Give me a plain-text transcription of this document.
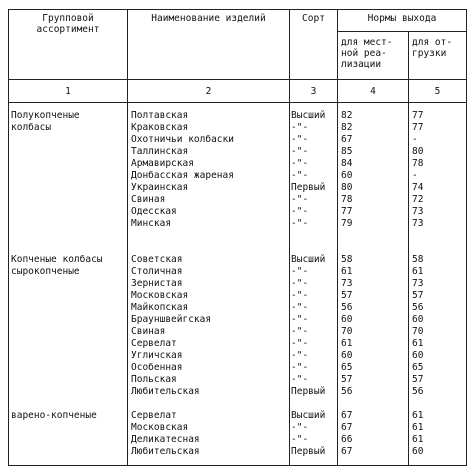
Групповой
ассортимент
Наименование изделий	Сорт	Нормы выхода
для мест-
ной реа-
лизации
для от-
грузки
1	2	3	4	5
Полукопченые
колбасы
Полтавская	Высший 82	77
Краковская	-"-	82	77
Охотничьи колбаски	-"-	67	-
Таллинская	-"-	85	80
Армавирская	-"-	84	78
Донбасская жареная	-"-	60	-
Украинская	Первый 80	74
Свиная	-"-	78	72
Одесская	-"-	77	73
Минская	-"-	79	73
Копченые колбасы
сырокопченые
Советская	Высший 58	58
Столичная	-"-	61	61
Зернистая	-"-	73	73
Московская	-"-	57	57
Майкопская	-"-	56	56
Брауншвейгская	-"-	60	60
Свиная	-"-	70	70
Сервелат	-"-	61	61
Угличская	-"-	60	60
Особенная	-"-	65	65
Польская	-"-	57	57
Любительская	Первый 56	56
варено-копченые	Сервелат	Высший 67	61
Московская	-"-	67	61
Деликатесная	-"-	66	61
Любительская	Первый 67	60
